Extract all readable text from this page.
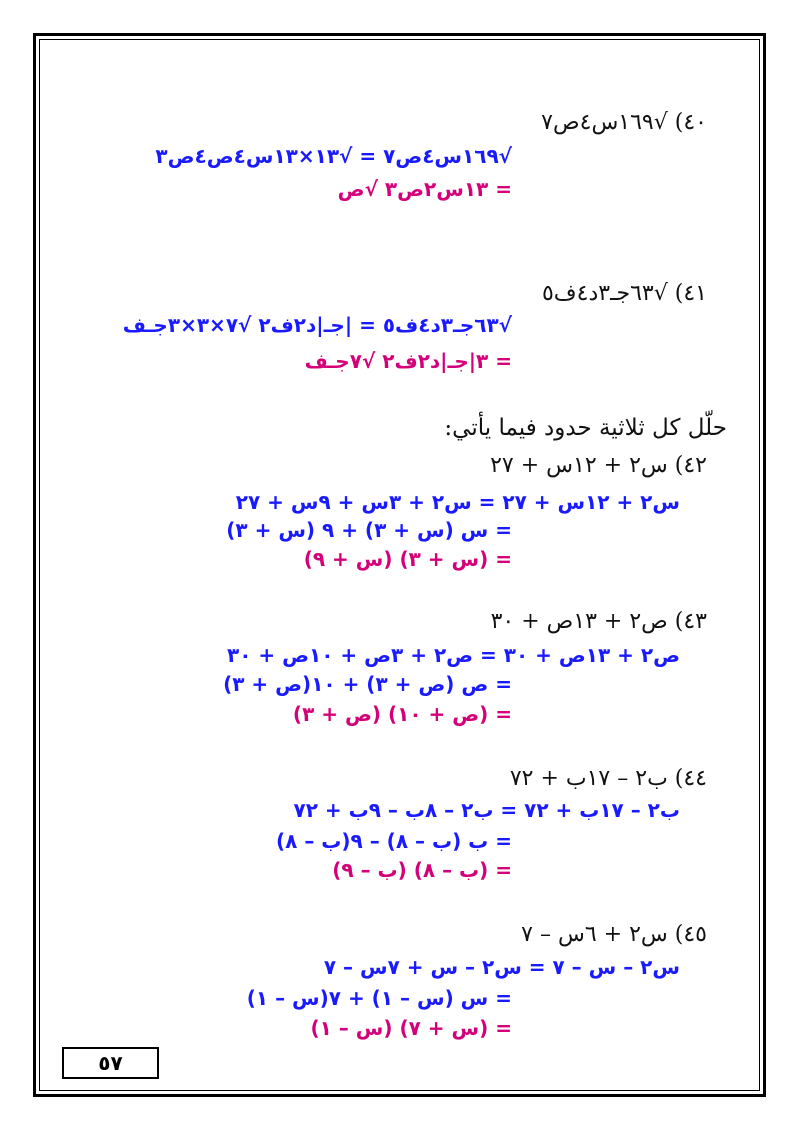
٤٠) √١٦٩س٤ص٧
√١٦٩س٤ص٧ = √١٣×١٣س٤ص٤ص٣
= ١٣س٢ص٣ √ص
٤١) √٦٣جـ٣د٤ف٥
√٦٣جـ٣د٤ف٥ = |جـ|د٢ف٢ √٧×٣×٣جـف
= ٣|جـ|د٢ف٢ √٧جـف
حلّل كل ثلاثية حدود فيما يأتي:
٤٢) س٢ + ١٢س + ٢٧
س٢ + ١٢س + ٢٧ = س٢ + ٣س + ٩س + ٢٧
= س (س + ٣) + ٩ (س + ٣)
= (س + ٣) (س + ٩)
٤٣) ص٢ + ١٣ص + ٣٠
ص٢ + ١٣ص + ٣٠ = ص٢ + ٣ص + ١٠ص + ٣٠
= ص (ص + ٣) + ١٠(ص + ٣)
= (ص + ١٠) (ص + ٣)
٤٤) ب٢ – ١٧ب + ٧٢
ب٢ – ١٧ب + ٧٢ = ب٢ – ٨ب – ٩ب + ٧٢
= ب (ب – ٨) – ٩(ب – ٨)
= (ب – ٨) (ب – ٩)
٤٥) س٢ + ٦س – ٧
س٢ – س – ٧ = س٢ – س + ٧س – ٧
= س (س – ١) + ٧(س – ١)
= (س + ٧) (س – ١)
٥٧
